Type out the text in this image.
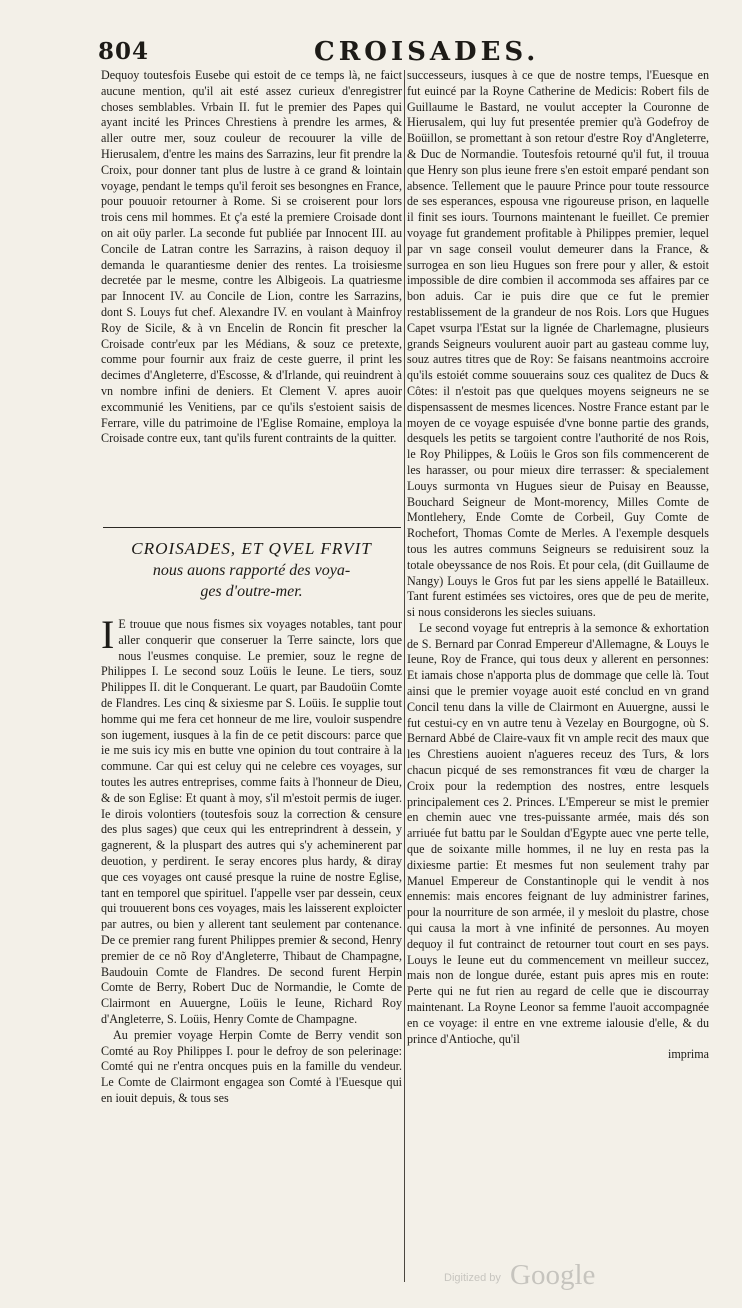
804	CROISADES.

Dequoy toutesfois Eusebe qui estoit de ce temps là, ne faict aucune mention, qu'il ait esté assez curieux d'enregistrer choses semblables. Vrbain II. fut le premier des Papes qui ayant incité les Princes Chrestiens à prendre les armes, & aller outre mer, souz couleur de recouurer la ville de Hierusalem, d'entre les mains des Sarrazins, leur fit prendre la Croix, pour donner tant plus de lustre à ce grand & lointain voyage, pendant le temps qu'il feroit ses besongnes en France, pour pouuoir retourner à Rome. Si se croiserent pour lors trois cens mil hommes. Et ç'a esté la premiere Croisade dont on ait oüy parler. La seconde fut publiée par Innocent III. au Concile de Latran contre les Sarrazins, à raison dequoy il demanda le quarantiesme denier des rentes. La troisiesme decretée par le mesme, contre les Albigeois. La quatriesme par Innocent IV. au Concile de Lion, contre les Sarrazins, dont S. Louys fut chef. Alexandre IV. en voulant à Mainfroy Roy de Sicile, & à vn Encelin de Roncin fit prescher la Croisade contr'eux par les Médians, & souz ce pretexte, comme pour fournir aux fraiz de ceste guerre, il print les decimes d'Angleterre, d'Escosse, & d'Irlande, qui reuindrent à vn nombre infini de deniers. Et Clement V. apres auoir excommunié les Venitiens, par ce qu'ils s'estoient saisis de Ferrare, ville du patrimoine de l'Eglise Romaine, employa la Croisade contre eux, tant qu'ils furent contraints de la quitter.

CROISADES, ET QVEL FRVIT
nous auons rapporté des voya-
ges d'outre-mer.

I E trouue que nous fismes six voyages notables, tant pour aller conquerir que conseruer la Terre saincte, lors que nous l'eusmes conquise. Le premier, souz le regne de Philippes I. Le second souz Loüis le Ieune. Le tiers, souz Philippes II. dit le Conquerant. Le quart, par Baudoüin Comte de Flandres. Les cinq & sixiesme par S. Loüis. Ie supplie tout homme qui me fera cet honneur de me lire, vouloir suspendre son iugement, iusques à la fin de ce petit discours: parce que ie me suis icy mis en butte vne opinion du tout contraire à la commune. Car qui est celuy qui ne celebre ces voyages, sur toutes les autres entreprises, comme faits à l'honneur de Dieu, & de son Eglise: Et quant à moy, s'il m'estoit permis de iuger. Ie dirois volontiers (toutesfois souz la correction & censure des plus sages) que ceux qui les entreprindrent à dessein, y gagnerent, & la pluspart des autres qui s'y acheminerent par deuotion, y perdirent. Ie seray encores plus hardy, & diray que ces voyages ont causé presque la ruine de nostre Eglise, tant en temporel que spirituel. I'appelle vser par dessein, ceux qui trouuerent bons ces voyages, mais les laisserent exploicter par autres, ou bien y allerent tant seulement par contenance. De ce premier rang furent Philippes premier & second, Henry premier de ce nõ Roy d'Angleterre, Thibaut de Champagne, Baudouin Comte de Flandres. De second furent Herpin Comte de Berry, Robert Duc de Normandie, le Comte de Clairmont en Auuergne, Loüis le Ieune, Richard Roy d'Angleterre, S. Loüis, Henry Comte de Champagne.

Au premier voyage Herpin Comte de Berry vendit son Comté au Roy Philippes I. pour le defroy de son pelerinage: Comté qui ne r'entra oncques puis en la famille du vendeur. Le Comte de Clairmont engagea son Comté à l'Euesque qui en iouit depuis, & tous ses

successeurs, iusques à ce que de nostre temps, l'Euesque en fut euincé par la Royne Catherine de Medicis: Robert fils de Guillaume le Bastard, ne voulut accepter la Couronne de Hierusalem, qui luy fut presentée premier qu'à Godefroy de Boüillon, se promettant à son retour d'estre Roy d'Angleterre, & Duc de Normandie. Toutesfois retourné qu'il fut, il trouua que Henry son plus ieune frere s'en estoit emparé pendant son absence. Tellement que le pauure Prince pour toute ressource de ses esperances, espousa vne rigoureuse prison, en laquelle il finit ses iours. Tournons maintenant le fueillet. Ce premier voyage fut grandement profitable à Philippes premier, lequel par vn sage conseil voulut demeurer dans la France, & surrogea en son lieu Hugues son frere pour y aller, & estoit impossible de dire combien il accommoda ses affaires par ce bon aduis. Car ie puis dire que ce fut le premier restablissement de la grandeur de nos Rois. Lors que Hugues Capet vsurpa l'Estat sur la lignée de Charlemagne, plusieurs grands Seigneurs voulurent auoir part au gasteau comme luy, souz autres titres que de Roy: Se faisans neantmoins accroire qu'ils estoiét comme souuerains souz ces qualitez de Ducs & Côtes: il n'estoit pas que quelques moyens seigneurs ne se dispensassent de mesmes licences. Nostre France estant par le moyen de ce voyage espuisée d'vne bonne partie des grands, desquels les petits se targoient contre l'authorité de nos Rois, le Roy Philippes, & Loüis le Gros son fils commencerent de les harasser, ou pour mieux dire terrasser: & specialement Louys surmonta vn Hugues sieur de Puisay en Beausse, Bouchard Seigneur de Mont-morency, Milles Comte de Montlehery, Ende Comte de Corbeil, Guy Comte de Rochefort, Thomas Comte de Merles. A l'exemple desquels tous les autres communs Seigneurs se reduisirent souz la totale obeyssance de nos Rois. Et pour cela, (dit Guillaume de Nangy) Louys le Gros fut par les siens appellé le Batailleux. Tant furent estimées ses victoires, ores que de peu de merite, si nous considerons les siecles suiuans.

Le second voyage fut entrepris à la semonce & exhortation de S. Bernard par Conrad Empereur d'Allemagne, & Louys le Ieune, Roy de France, qui tous deux y allerent en personnes: Et iamais chose n'apporta plus de dommage que celle là. Tout ainsi que le premier voyage auoit esté conclud en vn grand Concil tenu dans la ville de Clairmont en Auuergne, aussi le fut cestui-cy en vn autre tenu à Vezelay en Bourgogne, où S. Bernard Abbé de Claire-vaux fit vn ample recit des maux que les Chrestiens auoient n'agueres receuz des Turs, & lors chacun picqué de ses remonstrances fit vœu de charger la Croix pour la redemption des nostres, entre lesquels principalement ces 2. Princes. L'Empereur se mist le premier en chemin auec vne tres-puissante armée, mais dés son arriuée fut battu par le Souldan d'Egypte auec vne perte telle, que de soixante mille hommes, il ne luy en resta pas la dixiesme partie: Et mesmes fut non seulement trahy par Manuel Empereur de Constantinople qui le vendit à nos ennemis: mais encores feignant de luy administrer farines, pour la nourriture de son armée, il y mesloit du plastre, chose qui causa la mort à vne infinité de personnes. Au moyen dequoy il fut contrainct de retourner tout court en ses pays. Louys le Ieune eut du commencement vn meilleur succez, mais non de longue durée, estant puis apres mis en route: Perte qui ne fut rien au regard de celle que ie discourray maintenant. La Royne Leonor sa femme l'auoit accompagnée en ce voyage: il entre en vne extreme ialousie d'elle, & du prince d'Antioche, qu'il

imprima

Digitized by Google
